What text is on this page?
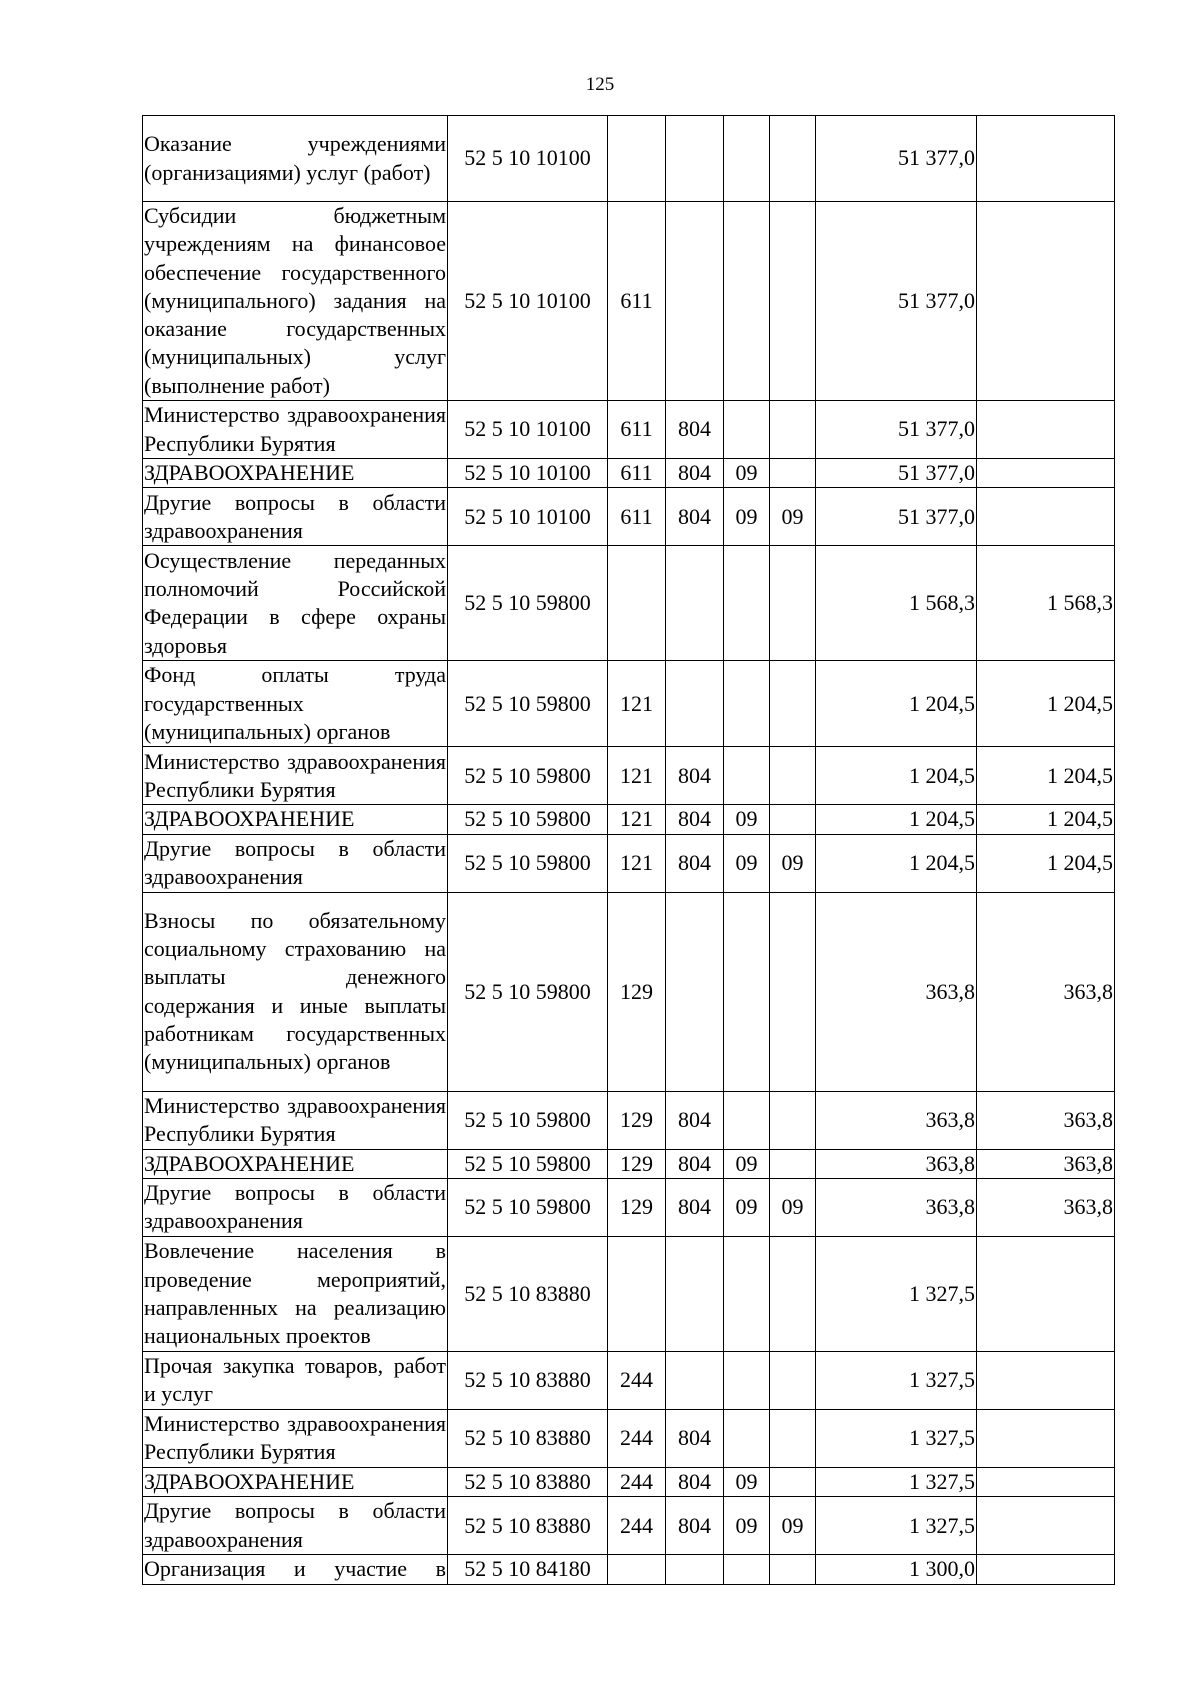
125
Оказание учреждениями (организациями) услуг (работ)	52 5 10 10100					51 377,0	
Субсидии бюджетным учреждениям на финансовое обеспечение государственного (муниципального) задания на оказание государственных (муниципальных) услуг (выполнение работ)	52 5 10 10100	611				51 377,0	
Министерство здравоохранения Республики Бурятия	52 5 10 10100	611	804			51 377,0	
ЗДРАВООХРАНЕНИЕ	52 5 10 10100	611	804	09		51 377,0	
Другие вопросы в области здравоохранения	52 5 10 10100	611	804	09	09	51 377,0	
Осуществление переданных полномочий Российской Федерации в сфере охраны здоровья	52 5 10 59800					1 568,3	1 568,3
Фонд оплаты труда государственных (муниципальных) органов	52 5 10 59800	121				1 204,5	1 204,5
Министерство здравоохранения Республики Бурятия	52 5 10 59800	121	804			1 204,5	1 204,5
ЗДРАВООХРАНЕНИЕ	52 5 10 59800	121	804	09		1 204,5	1 204,5
Другие вопросы в области здравоохранения	52 5 10 59800	121	804	09	09	1 204,5	1 204,5
Взносы по обязательному социальному страхованию на выплаты денежного содержания и иные выплаты работникам государственных (муниципальных) органов	52 5 10 59800	129				363,8	363,8
Министерство здравоохранения Республики Бурятия	52 5 10 59800	129	804			363,8	363,8
ЗДРАВООХРАНЕНИЕ	52 5 10 59800	129	804	09		363,8	363,8
Другие вопросы в области здравоохранения	52 5 10 59800	129	804	09	09	363,8	363,8
Вовлечение населения в проведение мероприятий, направленных на реализацию национальных проектов	52 5 10 83880					1 327,5	
Прочая закупка товаров, работ и услуг	52 5 10 83880	244				1 327,5	
Министерство здравоохранения Республики Бурятия	52 5 10 83880	244	804			1 327,5	
ЗДРАВООХРАНЕНИЕ	52 5 10 83880	244	804	09		1 327,5	
Другие вопросы в области здравоохранения	52 5 10 83880	244	804	09	09	1 327,5	
Организация и участие в	52 5 10 84180					1 300,0	
